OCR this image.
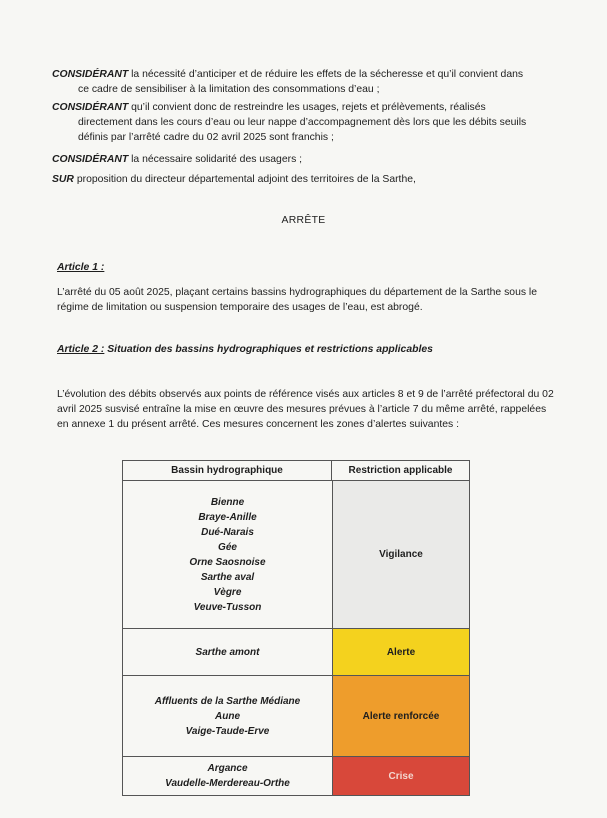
CONSIDÉRANT la nécessité d’anticiper et de réduire les effets de la sécheresse et qu’il convient dans
ce cadre de sensibiliser à la limitation des consommations d’eau ;
CONSIDÉRANT qu’il convient donc de restreindre les usages, rejets et prélèvements, réalisés
directement dans les cours d’eau ou leur nappe d’accompagnement dès lors que les débits seuils
définis par l’arrêté cadre du 02 avril 2025 sont franchis ;
CONSIDÉRANT la nécessaire solidarité des usagers ;
SUR proposition du directeur départemental adjoint des territoires de la Sarthe,
ARRÊTE
Article 1 :
L’arrêté du 05 août 2025, plaçant certains bassins hydrographiques du département de la Sarthe sous le régime de limitation ou suspension temporaire des usages de l’eau, est abrogé.
Article 2 : Situation des bassins hydrographiques et restrictions applicables
L’évolution des débits observés aux points de référence visés aux articles 8 et 9 de l’arrêté préfectoral du 02 avril 2025 susvisé entraîne la mise en œuvre des mesures prévues à l’article 7 du même arrêté, rappelées en annexe 1 du présent arrêté. Ces mesures concernent les zones d’alertes suivantes :
Bassin hydrographique	Restriction applicable
Bienne
Braye-Anille
Dué-Narais
Gée
Orne Saosnoise
Sarthe aval
Vègre
Veuve-Tusson
Vigilance
Sarthe amont	Alerte
Affluents de la Sarthe Médiane
Aune
Vaige-Taude-Erve
Alerte renforcée
Argance
Vaudelle-Merdereau-Orthe
Crise
